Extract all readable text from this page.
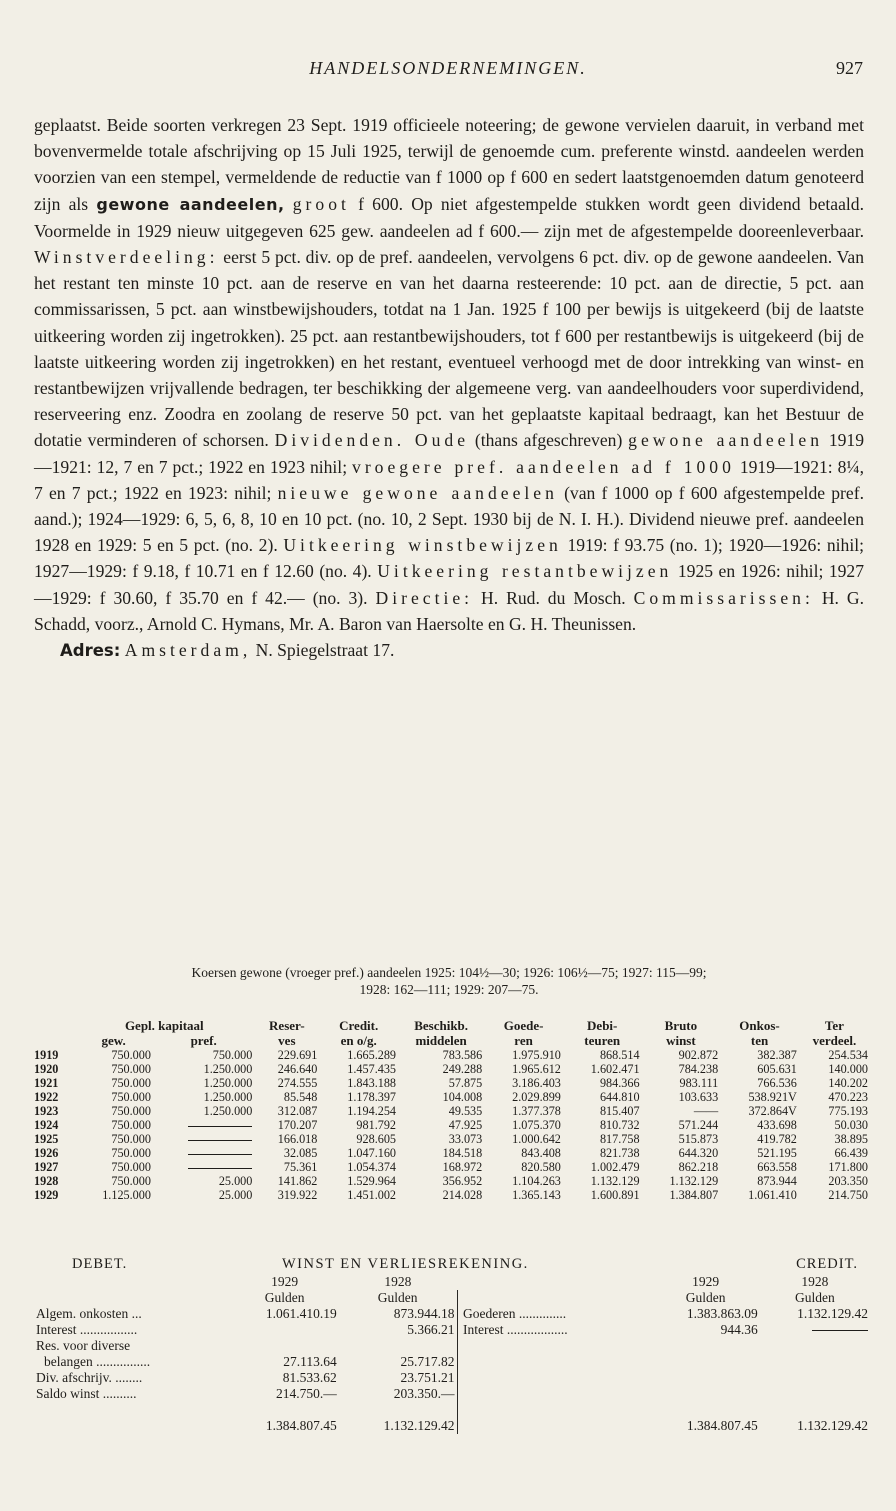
HANDELSONDERNEMINGEN.	927

geplaatst. Beide soorten verkregen 23 Sept. 1919 officieele noteering; de gewone vervielen daaruit, in verband met bovenvermelde totale afschrijving op 15 Juli 1925, terwijl de genoemde cum. preferente winstd. aandeelen werden voorzien van een stempel, vermeldende de reductie van f 1000 op f 600 en sedert laatstgenoemden datum genoteerd zijn als gewone aandeelen, groot f 600. Op niet afgestempelde stukken wordt geen dividend betaald. Voormelde in 1929 nieuw uitgegeven 625 gew. aandeelen ad f 600.— zijn met de afgestempelde dooreenleverbaar. Winstverdeeling: eerst 5 pct. div. op de pref. aandeelen, vervolgens 6 pct. div. op de gewone aandeelen. Van het restant ten minste 10 pct. aan de reserve en van het daarna resteerende: 10 pct. aan de directie, 5 pct. aan commissarissen, 5 pct. aan winstbewijshouders, totdat na 1 Jan. 1925 f 100 per bewijs is uitgekeerd (bij de laatste uitkeering worden zij ingetrokken). 25 pct. aan restantbewijshouders, tot f 600 per restantbewijs is uitgekeerd (bij de laatste uitkeering worden zij ingetrokken) en het restant, eventueel verhoogd met de door intrekking van winst- en restantbewijzen vrijvallende bedragen, ter beschikking der algemeene verg. van aandeelhouders voor superdividend, reserveering enz. Zoodra en zoolang de reserve 50 pct. van het geplaatste kapitaal bedraagt, kan het Bestuur de dotatie verminderen of schorsen. Dividenden. Oude (thans afgeschreven) gewone aandeelen 1919—1921: 12, 7 en 7 pct.; 1922 en 1923 nihil; vroegere pref. aandeelen ad f 1000 1919—1921: 8¼, 7 en 7 pct.; 1922 en 1923: nihil; nieuwe gewone aandeelen (van f 1000 op f 600 afgestempelde pref. aand.); 1924—1929: 6, 5, 6, 8, 10 en 10 pct. (no. 10, 2 Sept. 1930 bij de N. I. H.). Dividend nieuwe pref. aandeelen 1928 en 1929: 5 en 5 pct. (no. 2). Uitkeering winstbewijzen 1919: f 93.75 (no. 1); 1920—1926: nihil; 1927—1929: f 9.18, f 10.71 en f 12.60 (no. 4). Uitkeering restantbewijzen 1925 en 1926: nihil; 1927—1929: f 30.60, f 35.70 en f 42.— (no. 3). Directie: H. Rud. du Mosch. Commissarissen: H. G. Schadd, voorz., Arnold C. Hymans, Mr. A. Baron van Haersolte en G. H. Theunissen.

Adres: Amsterdam, N. Spiegelstraat 17.

Koersen gewone (vroeger pref.) aandeelen 1925: 104½—30; 1926: 106½—75; 1927: 115—99;
1928: 162—111; 1929: 207—75.
	Gepl. kapitaal		Reser-	Credit.	Beschikb.	Goede-	Debi-	Bruto	Onkos-	Ter
	gew.	pref.	ves	en o/g.	middelen	ren	teuren	winst	ten	verdeel.
1919	750.000	750.000	229.691	1.665.289	783.586	1.975.910	868.514	902.872	382.387	254.534
1920	750.000	1.250.000	246.640	1.457.435	249.288	1.965.612	1.602.471	784.238	605.631	140.000
1921	750.000	1.250.000	274.555	1.843.188	57.875	3.186.403	984.366	983.111	766.536	140.202
1922	750.000	1.250.000	85.548	1.178.397	104.008	2.029.899	644.810	103.633	538.921V	470.223
1923	750.000	1.250.000	312.087	1.194.254	49.535	1.377.378	815.407	——	372.864V	775.193
1924	750.000		170.207	981.792	47.925	1.075.370	810.732	571.244	433.698	50.030
1925	750.000		166.018	928.605	33.073	1.000.642	817.758	515.873	419.782	38.895
1926	750.000		32.085	1.047.160	184.518	843.408	821.738	644.320	521.195	66.439
1927	750.000		75.361	1.054.374	168.972	820.580	1.002.479	862.218	663.558	171.800
1928	750.000	25.000	141.862	1.529.964	356.952	1.104.263	1.132.129	1.132.129	873.944	203.350
1929	1.125.000	25.000	319.922	1.451.002	214.028	1.365.143	1.600.891	1.384.807	1.061.410	214.750
DEBET.	WINST EN VERLIESREKENING.	CREDIT.
	1929	1928			1929	1928
	Gulden	Gulden			Gulden	Gulden
Algem. onkosten ...	1.061.410.19	873.944.18		Goederen ..............	1.383.863.09	1.132.129.42
Interest .................		5.366.21		Interest ..................	944.36	
Res. voor diverse						
belangen ................	27.113.64	25.717.82				
Div. afschrijv. ........	81.533.62	23.751.21				
Saldo winst ..........	214.750.—	203.350.—				

	1.384.807.45	1.132.129.42			1.384.807.45	1.132.129.42
